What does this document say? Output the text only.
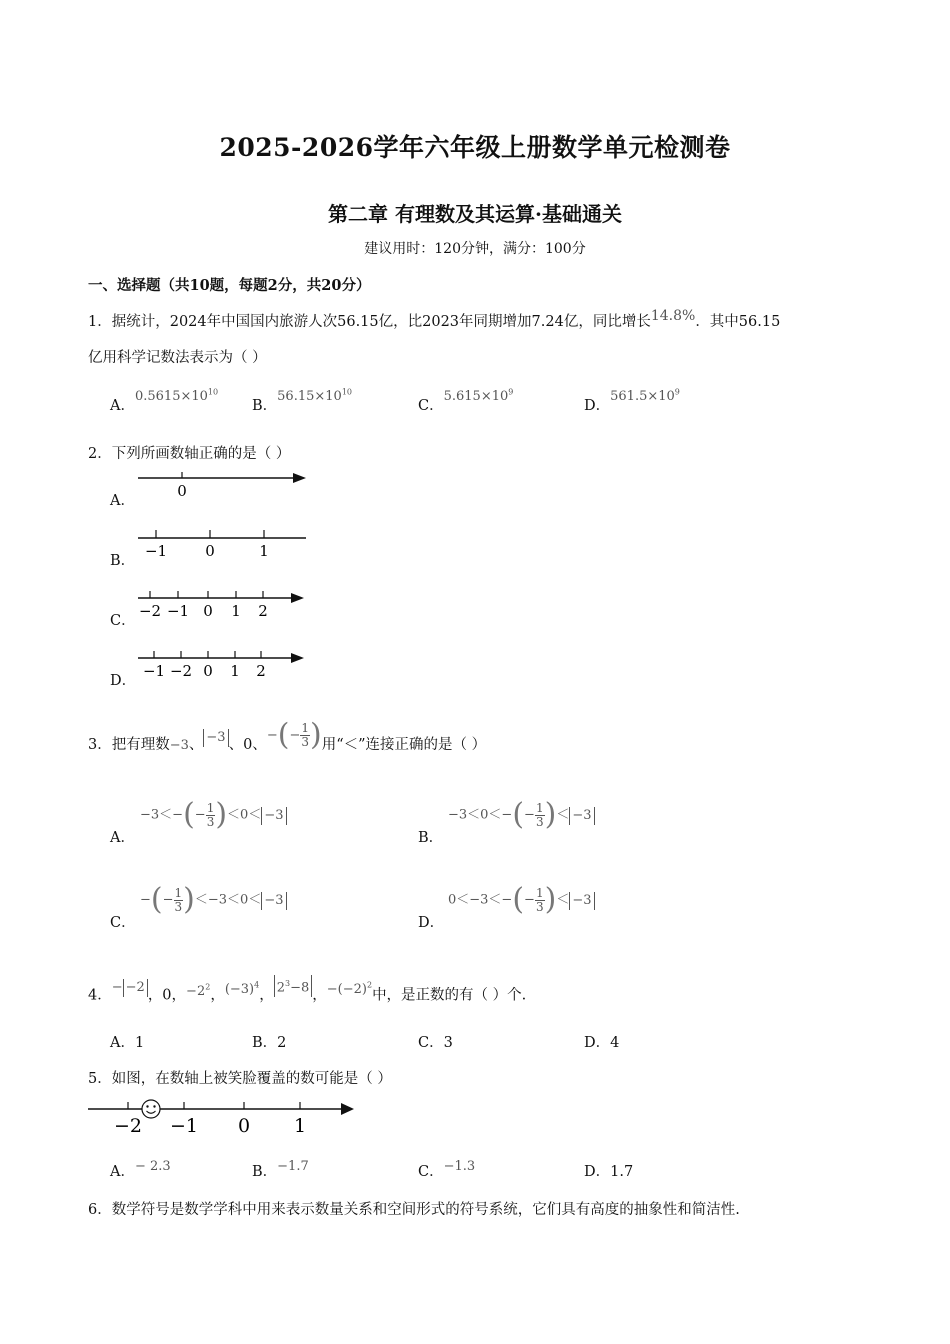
2025-2026学年六年级上册数学单元检测卷
第二章 有理数及其运算·基础通关
建议用时：120分钟，满分：100分
一、选择题（共10题，每题2分，共20分）
1．据统计，2024年中国国内旅游人次56.15亿，比2023年同期增加7.24亿，同比增长14.8%．其中56.15
亿用科学记数法表示为（ ）
A．$0.5615\times 10^{10}$
B．$56.15\times 10^{10}$
C．$5.615\times 10^9$
D．$561.5\times 10^9$
2．下列所画数轴正确的是（ ）
A．
0
B．
−1	0	1
C．
−2 −1 0 1 2
D．
−1 −2 0 1 2
3．把有理数−3、 −3 、0、−(− $\frac{1}{3}$ )用“＜”连接正确的是（ ）
A．
$-3<-(- \frac{1}{3} )<0< -3$
B．
$-3<0<-(- \frac{1}{3}$ )＜ −3
C．
−(− $\frac{1}{3} )<-3<0< -3$
D．
$0<-3<-(- \frac{1}{3}$ )＜ −3
4．− −2 ，0，$-2^2$，$(-3)^4$， $2^3-8$ ，$-(-2)^2$中，是正数的有（ ）个.
A．1	B．2	C．3	D．4
5．如图，在数轴上被笑脸覆盖的数可能是（ ）
−2 −1 0 1
A．− 2.3	B．−1.7	C．−1.3	D．1.7
6．数学符号是数学学科中用来表示数量关系和空间形式的符号系统，它们具有高度的抽象性和简洁性.
